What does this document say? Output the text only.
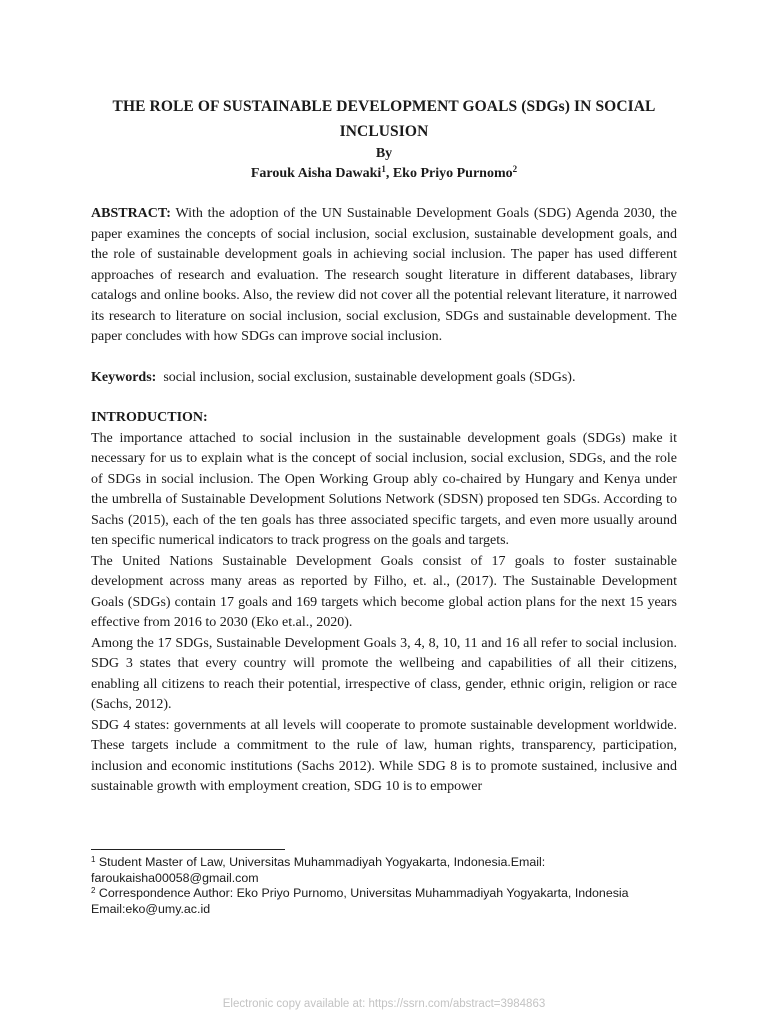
THE ROLE OF SUSTAINABLE DEVELOPMENT GOALS (SDGs) IN SOCIAL INCLUSION

By

Farouk Aisha Dawaki$^1$, Eko Priyo Purnomo$^2$

ABSTRACT: With the adoption of the UN Sustainable Development Goals (SDG) Agenda 2030, the paper examines the concepts of social inclusion, social exclusion, sustainable development goals, and the role of sustainable development goals in achieving social inclusion. The paper has used different approaches of research and evaluation. The research sought literature in different databases, library catalogs and online books. Also, the review did not cover all the potential relevant literature, it narrowed its research to literature on social inclusion, social exclusion, SDGs and sustainable development. The paper concludes with how SDGs can improve social inclusion.

Keywords: social inclusion, social exclusion, sustainable development goals (SDGs).

INTRODUCTION:

The importance attached to social inclusion in the sustainable development goals (SDGs) make it necessary for us to explain what is the concept of social inclusion, social exclusion, SDGs, and the role of SDGs in social inclusion. The Open Working Group ably co-chaired by Hungary and Kenya under the umbrella of Sustainable Development Solutions Network (SDSN) proposed ten SDGs. According to Sachs (2015), each of the ten goals has three associated specific targets, and even more usually around ten specific numerical indicators to track progress on the goals and targets.

The United Nations Sustainable Development Goals consist of 17 goals to foster sustainable development across many areas as reported by Filho, et. al., (2017). The Sustainable Development Goals (SDGs) contain 17 goals and 169 targets which become global action plans for the next 15 years effective from 2016 to 2030 (Eko et.al., 2020).

Among the 17 SDGs, Sustainable Development Goals 3, 4, 8, 10, 11 and 16 all refer to social inclusion. SDG 3 states that every country will promote the wellbeing and capabilities of all their citizens, enabling all citizens to reach their potential, irrespective of class, gender, ethnic origin, religion or race (Sachs, 2012).

SDG 4 states: governments at all levels will cooperate to promote sustainable development worldwide. These targets include a commitment to the rule of law, human rights, transparency, participation, inclusion and economic institutions (Sachs 2012). While SDG 8 is to promote sustained, inclusive and sustainable growth with employment creation, SDG 10 is to empower

$^1$ Student Master of Law, Universitas Muhammadiyah Yogyakarta, Indonesia.Email:

faroukaisha00058@gmail.com

$^2$ Correspondence Author: Eko Priyo Purnomo, Universitas Muhammadiyah Yogyakarta, Indonesia

Email:eko@umy.ac.id

Electronic copy available at: https://ssrn.com/abstract=3984863
